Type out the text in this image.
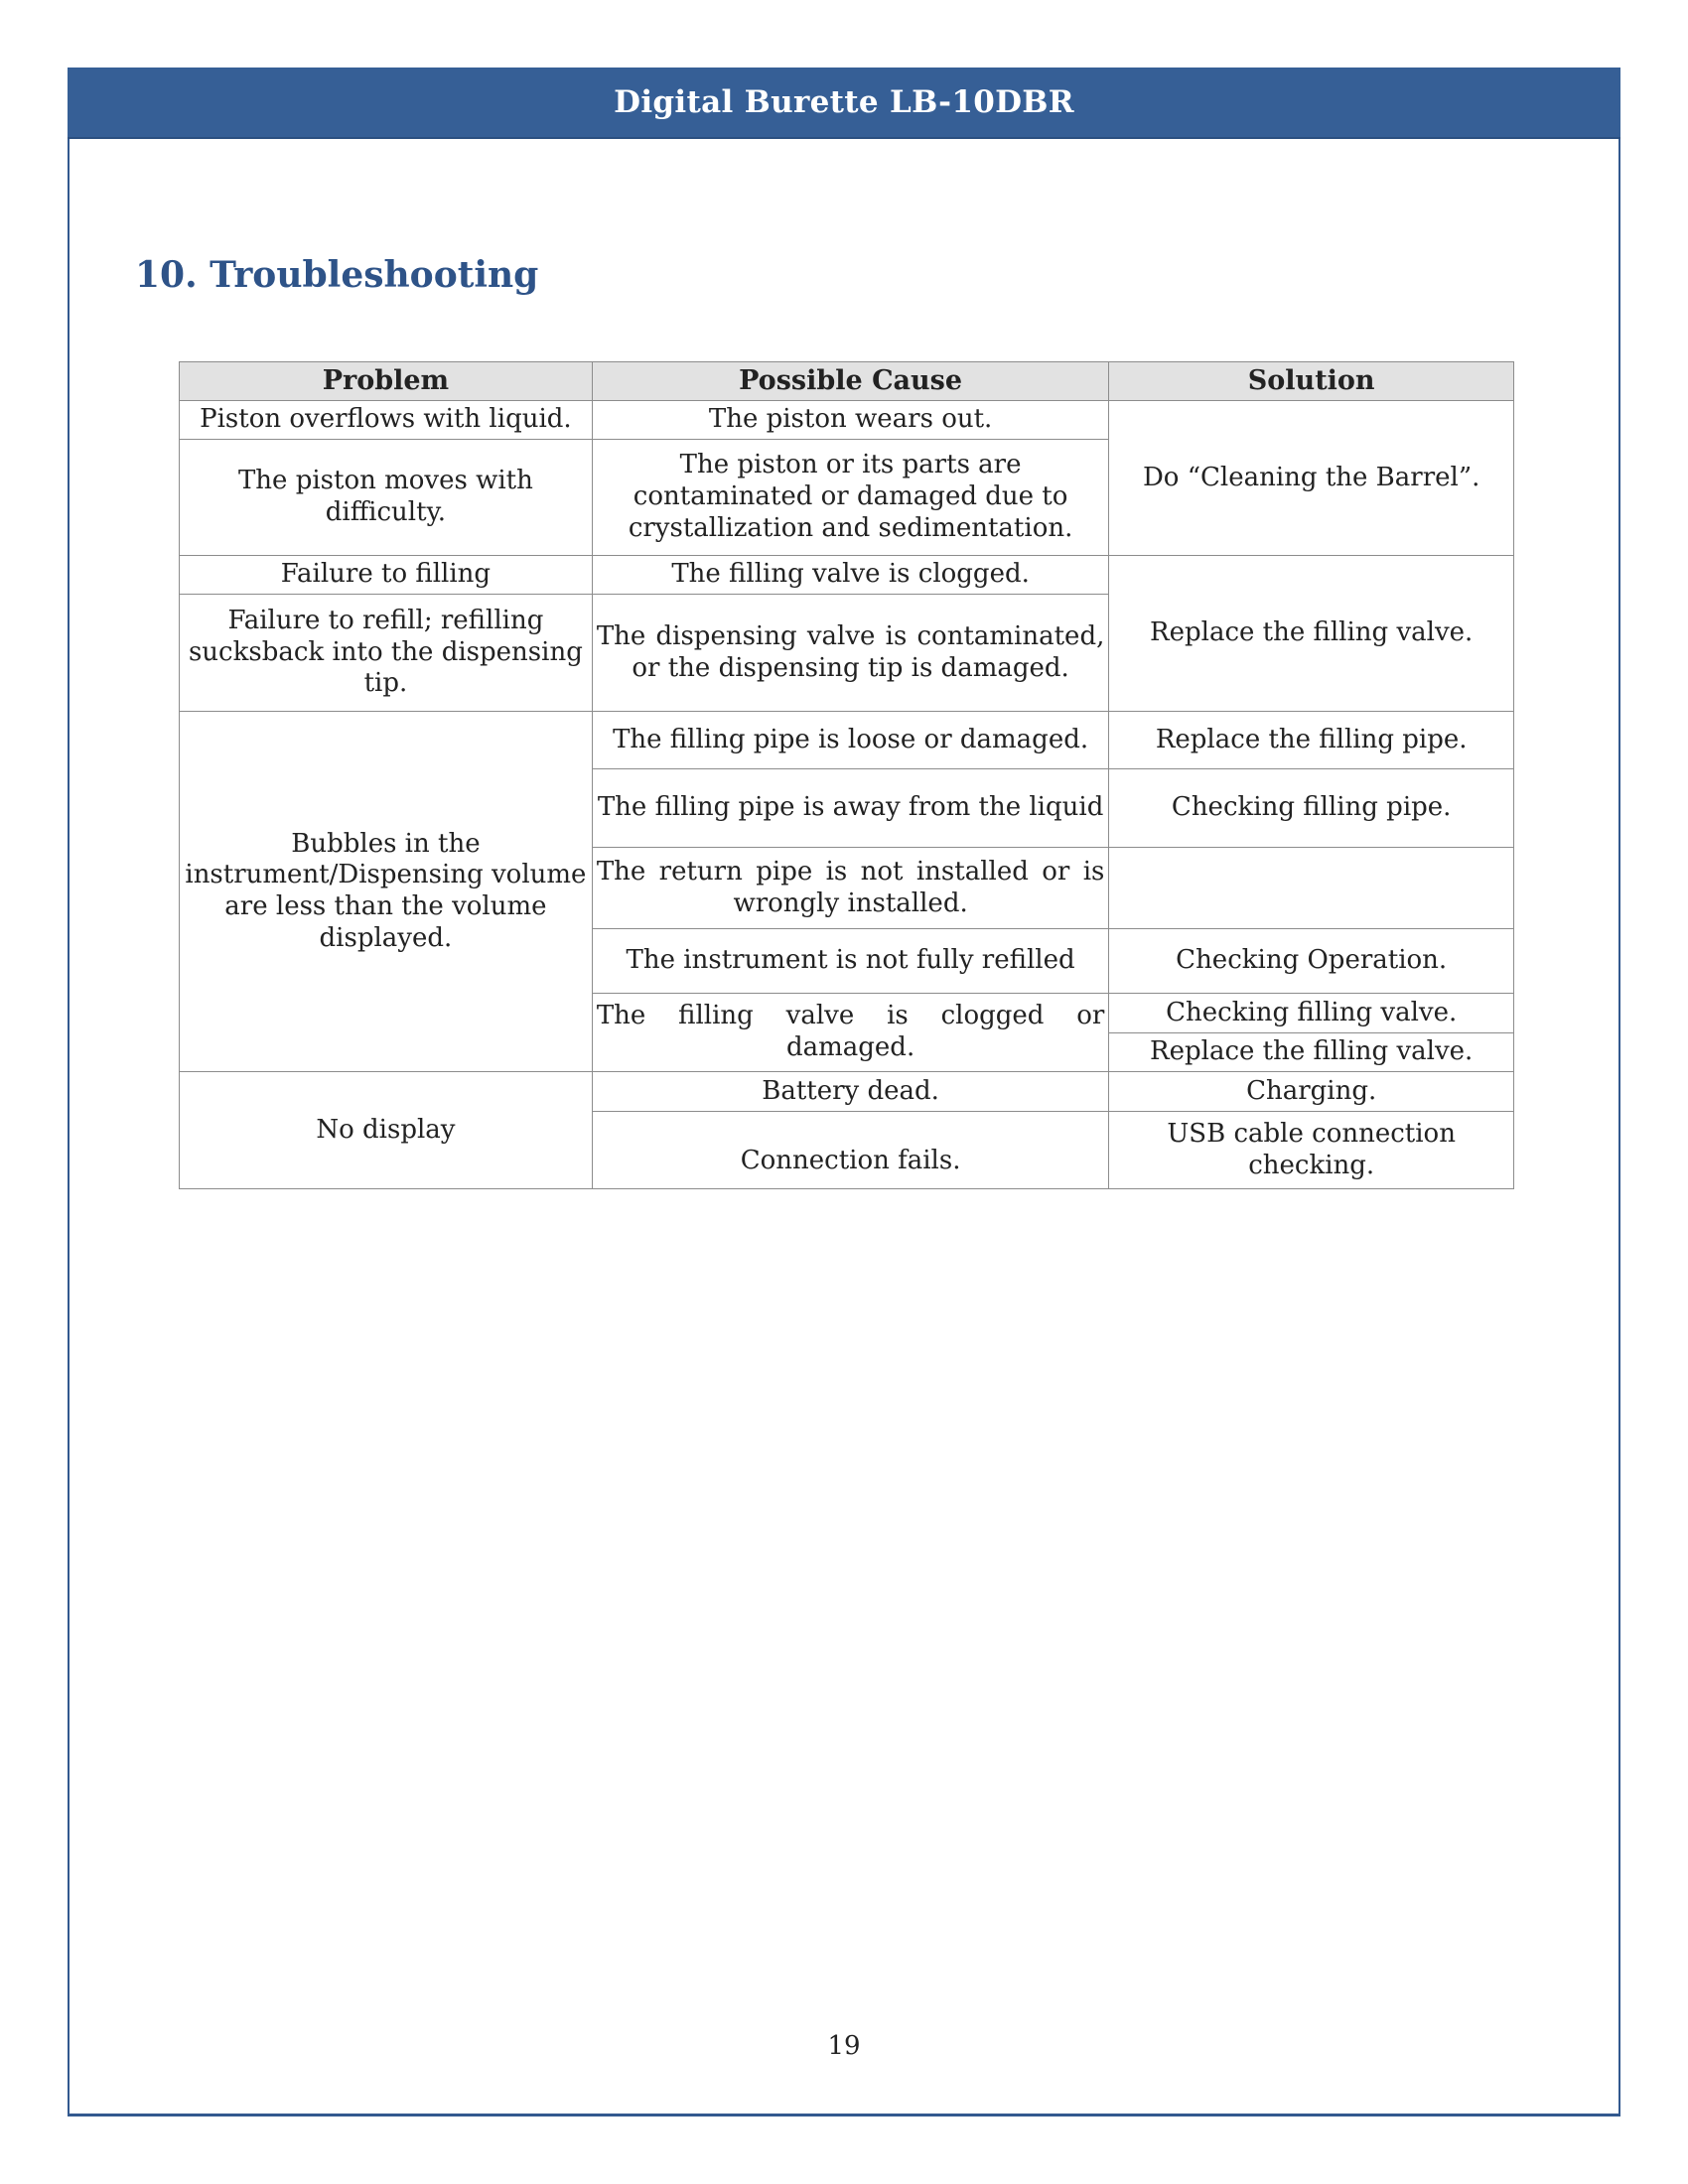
Digital Burette LB-10DBR
10. Troubleshooting
Problem	Possible Cause	Solution
Piston overflows with liquid.	The piston wears out.	Do “Cleaning the Barrel”.
The piston moves with difficulty.	The piston or its parts are contaminated or damaged due to crystallization and sedimentation.	
Failure to filling	The filling valve is clogged.	Replace the filling valve.
Failure to refill; refilling sucksback into the dispensing tip.	The dispensing valve is contaminated, or the dispensing tip is damaged.	
Bubbles in the instrument/Dispensing volume are less than the volume displayed.	The filling pipe is loose or damaged.	Replace the filling pipe.
	The filling pipe is away from the liquid	Checking filling pipe.
	The return pipe is not installed or is wrongly installed.	
	The instrument is not fully refilled	Checking Operation.
	The filling valve is clogged or damaged.	Checking filling valve.
		Replace the filling valve.
No display	Battery dead.	Charging.
	Connection fails.	USB cable connection checking.
19
